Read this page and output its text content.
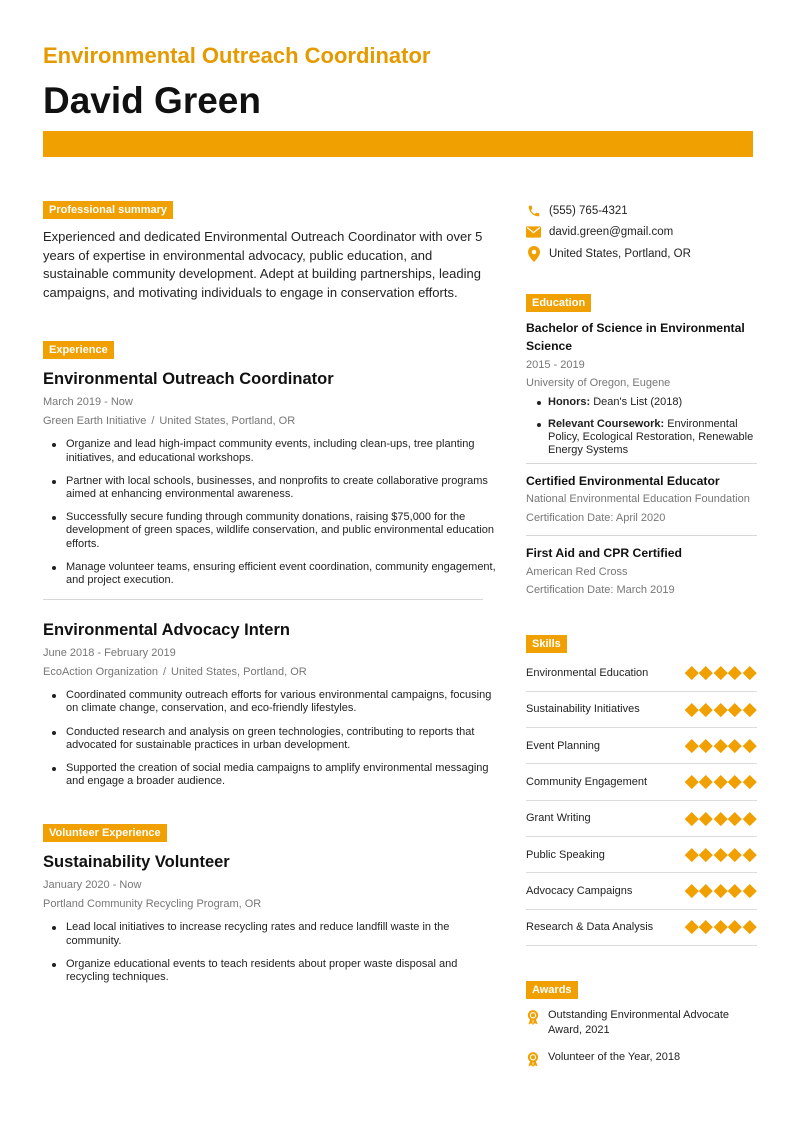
Environmental Outreach Coordinator
David Green
Professional summary

Experienced and dedicated Environmental Outreach Coordinator with over 5 years of expertise in environmental advocacy, public education, and sustainable community development. Adept at building partnerships, leading campaigns, and motivating individuals to engage in conservation efforts.

Experience
Environmental Outreach Coordinator
March 2019 - Now
Green Earth Initiative / United States, Portland, OR
Organize and lead high-impact community events, including clean-ups, tree planting initiatives, and educational workshops.
Partner with local schools, businesses, and nonprofits to create collaborative programs aimed at enhancing environmental awareness.
Successfully secure funding through community donations, raising $75,000 for the development of green spaces, wildlife conservation, and public environmental education efforts.
Manage volunteer teams, ensuring efficient event coordination, community engagement, and project execution.
Environmental Advocacy Intern
June 2018 - February 2019
EcoAction Organization / United States, Portland, OR
Coordinated community outreach efforts for various environmental campaigns, focusing on climate change, conservation, and eco-friendly lifestyles.
Conducted research and analysis on green technologies, contributing to reports that advocated for sustainable practices in urban development.
Supported the creation of social media campaigns to amplify environmental messaging and engage a broader audience.
Volunteer Experience
Sustainability Volunteer
January 2020 - Now
Portland Community Recycling Program, OR
Lead local initiatives to increase recycling rates and reduce landfill waste in the community.
Organize educational events to teach residents about proper waste disposal and recycling techniques.
(555) 765-4321
david.green@gmail.com
United States, Portland, OR
Education
Bachelor of Science in Environmental Science
2015 - 2019
University of Oregon, Eugene
Honors: Dean's List (2018)
Relevant Coursework: Environmental Policy, Ecological Restoration, Renewable Energy Systems
Certified Environmental Educator
National Environmental Education Foundation
Certification Date: April 2020
First Aid and CPR Certified
American Red Cross
Certification Date: March 2019
Skills
Environmental Education
Sustainability Initiatives
Event Planning
Community Engagement
Grant Writing
Public Speaking
Advocacy Campaigns
Research & Data Analysis
Awards
Outstanding Environmental Advocate Award, 2021
Volunteer of the Year, 2018
